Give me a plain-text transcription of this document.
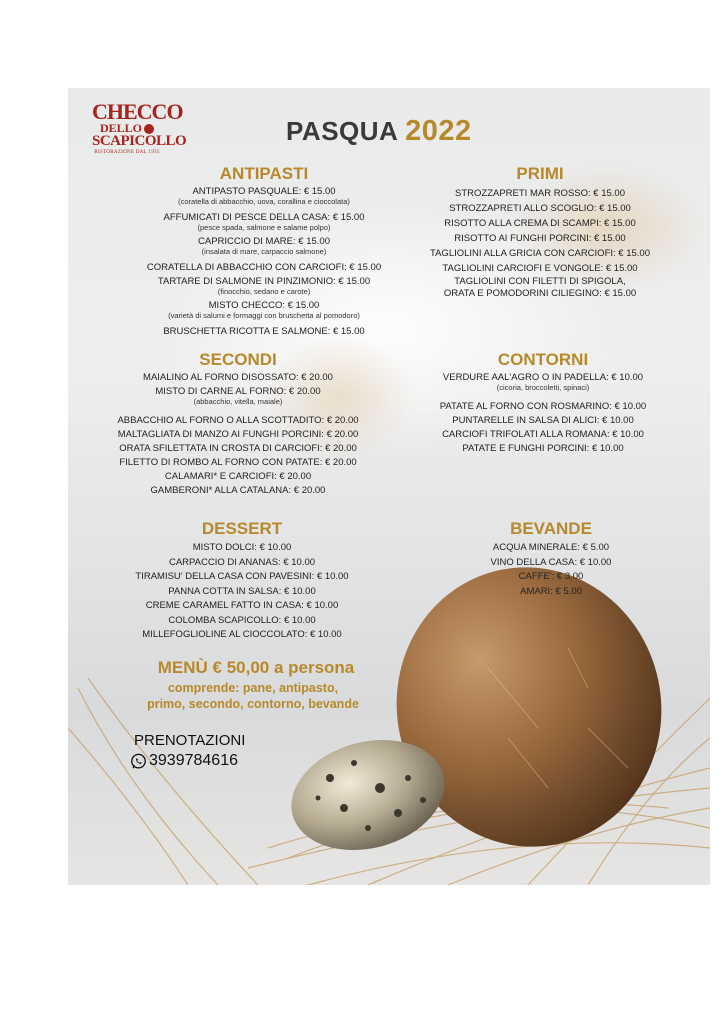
CHECCO
DELLO
SCAPICOLLO
RISTORAZIONE DAL 1935
PASQUA 2022
ANTIPASTI
ANTIPASTO PASQUALE: € 15.00
(coratella di abbacchio, uova, corallina e cioccolata)
AFFUMICATI DI PESCE DELLA CASA: € 15.00
(pesce spada, salmone e salame polpo)
CAPRICCIO DI MARE: € 15.00
(insalata di mare, carpaccio salmone)
CORATELLA DI ABBACCHIO CON CARCIOFI: € 15.00
TARTARE DI SALMONE IN PINZIMONIO: € 15.00
(finocchio, sedano e carote)
MISTO CHECCO: € 15.00
(varietà di salumi e formaggi con bruschetta al pomodoro)
BRUSCHETTA RICOTTA E SALMONE: € 15.00
PRIMI
STROZZAPRETI MAR ROSSO: € 15.00
STROZZAPRETI ALLO SCOGLIO: € 15.00
RISOTTO ALLA CREMA DI SCAMPI: € 15.00
RISOTTO AI FUNGHI PORCINI: € 15.00
TAGLIOLINI ALLA GRICIA CON CARCIOFI: € 15.00
TAGLIOLINI CARCIOFI E VONGOLE: € 15.00
TAGLIOLINI CON FILETTI DI SPIGOLA,
ORATA E POMODORINI CILIEGINO: € 15.00
SECONDI
MAIALINO AL FORNO DISOSSATO: € 20.00
MISTO DI CARNE AL FORNO: € 20.00
(abbacchio, vitella, maiale)
ABBACCHIO AL FORNO O ALLA SCOTTADITO: € 20.00
MALTAGLIATA DI MANZO AI FUNGHI PORCINI: € 20.00
ORATA SFILETTATA IN CROSTA DI CARCIOFI: € 20.00
FILETTO DI ROMBO AL FORNO CON PATATE: € 20.00
CALAMARI* E CARCIOFI: € 20.00
GAMBERONI* ALLA CATALANA: € 20.00
CONTORNI
VERDURE AAL'AGRO O IN PADELLA: € 10.00
(cicoria, broccoletti, spinaci)
PATATE AL FORNO CON ROSMARINO: € 10.00
PUNTARELLE IN SALSA DI ALICI: € 10.00
CARCIOFI TRIFOLATI ALLA ROMANA: € 10.00
PATATE E FUNGHI PORCINI: € 10.00
DESSERT
MISTO DOLCI: € 10.00
CARPACCIO DI ANANAS: € 10.00
TIRAMISU' DELLA CASA CON PAVESINI: € 10.00
PANNA COTTA IN SALSA: € 10.00
CREME CARAMEL FATTO IN CASA: € 10.00
COLOMBA SCAPICOLLO: € 10.00
MILLEFOGLIOLINE AL CIOCCOLATO: € 10.00
BEVANDE
ACQUA MINERALE: € 5.00
VINO DELLA CASA: € 10.00
CAFFE': € 3.00
AMARI: € 5.00
MENÙ € 50,00 a persona
comprende: pane, antipasto,
primo, secondo, contorno, bevande
PRENOTAZIONI
3939784616
